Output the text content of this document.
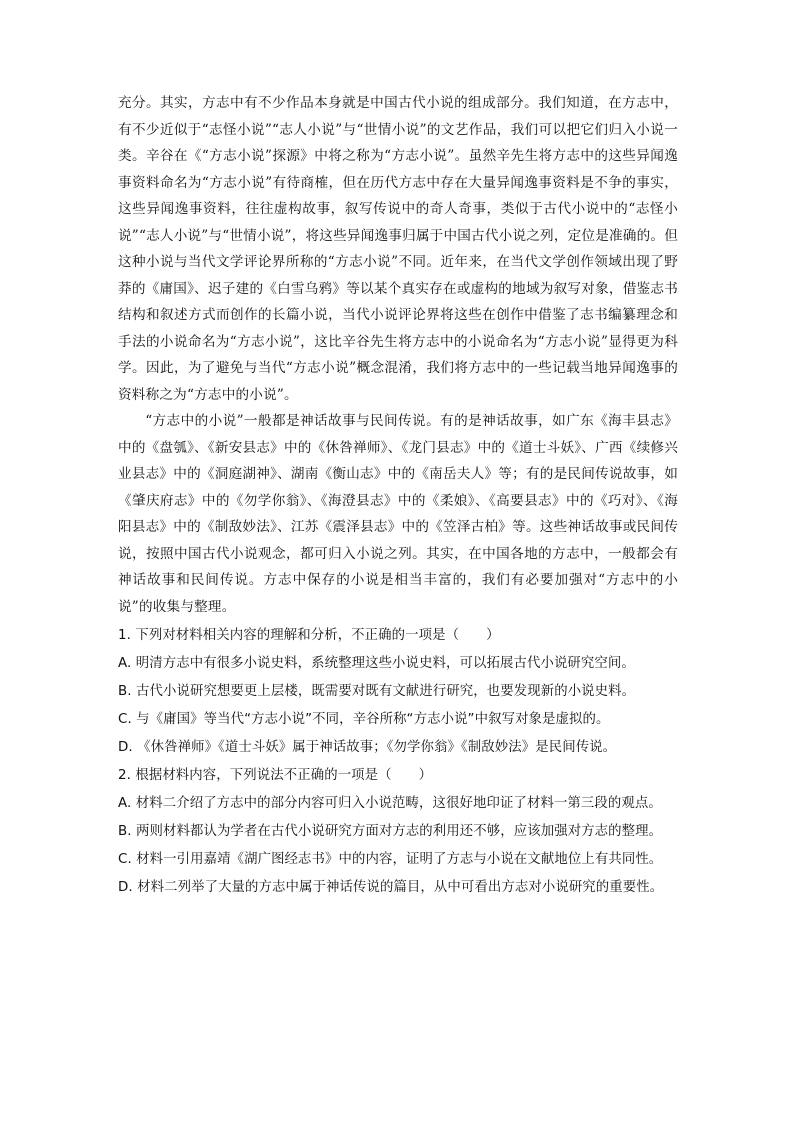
充分。其实，方志中有不少作品本身就是中国古代小说的组成部分。我们知道，在方志中，有不少近似于“志怪小说”“志人小说”与“世情小说”的文艺作品，我们可以把它们归入小说一类。辛谷在《“方志小说”探源》中将之称为“方志小说”。虽然辛先生将方志中的这些异闻逸事资料命名为“方志小说”有待商榷，但在历代方志中存在大量异闻逸事资料是不争的事实，这些异闻逸事资料，往往虚构故事，叙写传说中的奇人奇事，类似于古代小说中的“志怪小说”“志人小说”与“世情小说”，将这些异闻逸事归属于中国古代小说之列，定位是准确的。但这种小说与当代文学评论界所称的“方志小说”不同。近年来，在当代文学创作领域出现了野莽的《庸国》、迟子建的《白雪乌鸦》等以某个真实存在或虚构的地域为叙写对象，借鉴志书结构和叙述方式而创作的长篇小说，当代小说评论界将这些在创作中借鉴了志书编纂理念和手法的小说命名为“方志小说”，这比辛谷先生将方志中的小说命名为“方志小说”显得更为科学。因此，为了避免与当代“方志小说”概念混淆，我们将方志中的一些记载当地异闻逸事的资料称之为“方志中的小说”。

“方志中的小说”一般都是神话故事与民间传说。有的是神话故事，如广东《海丰县志》中的《盘瓠》、《新安县志》中的《休咎禅师》、《龙门县志》中的《道士斗妖》、广西《续修兴业县志》中的《洞庭湖神》、湖南《衡山志》中的《南岳夫人》等；有的是民间传说故事，如《肇庆府志》中的《勿学你翁》、《海澄县志》中的《柔娘》、《高要县志》中的《巧对》、《海阳县志》中的《制敌妙法》、江苏《震泽县志》中的《笠泽古柏》等。这些神话故事或民间传说，按照中国古代小说观念，都可归入小说之列。其实，在中国各地的方志中，一般都会有神话故事和民间传说。方志中保存的小说是相当丰富的，我们有必要加强对“方志中的小说”的收集与整理。

1. 下列对材料相关内容的理解和分析，不正确的一项是（　　）

A. 明清方志中有很多小说史料，系统整理这些小说史料，可以拓展古代小说研究空间。

B. 古代小说研究想要更上层楼，既需要对既有文献进行研究，也要发现新的小说史料。

C. 与《庸国》等当代“方志小说”不同，辛谷所称“方志小说”中叙写对象是虚拟的。

D. 《休咎禅师》《道士斗妖》属于神话故事；《勿学你翁》《制敌妙法》是民间传说。

2. 根据材料内容，下列说法不正确的一项是（　　）

A. 材料二介绍了方志中的部分内容可归入小说范畴，这很好地印证了材料一第三段的观点。

B. 两则材料都认为学者在古代小说研究方面对方志的利用还不够，应该加强对方志的整理。

C. 材料一引用嘉靖《湖广图经志书》中的内容，证明了方志与小说在文献地位上有共同性。

D. 材料二列举了大量的方志中属于神话传说的篇目，从中可看出方志对小说研究的重要性。
